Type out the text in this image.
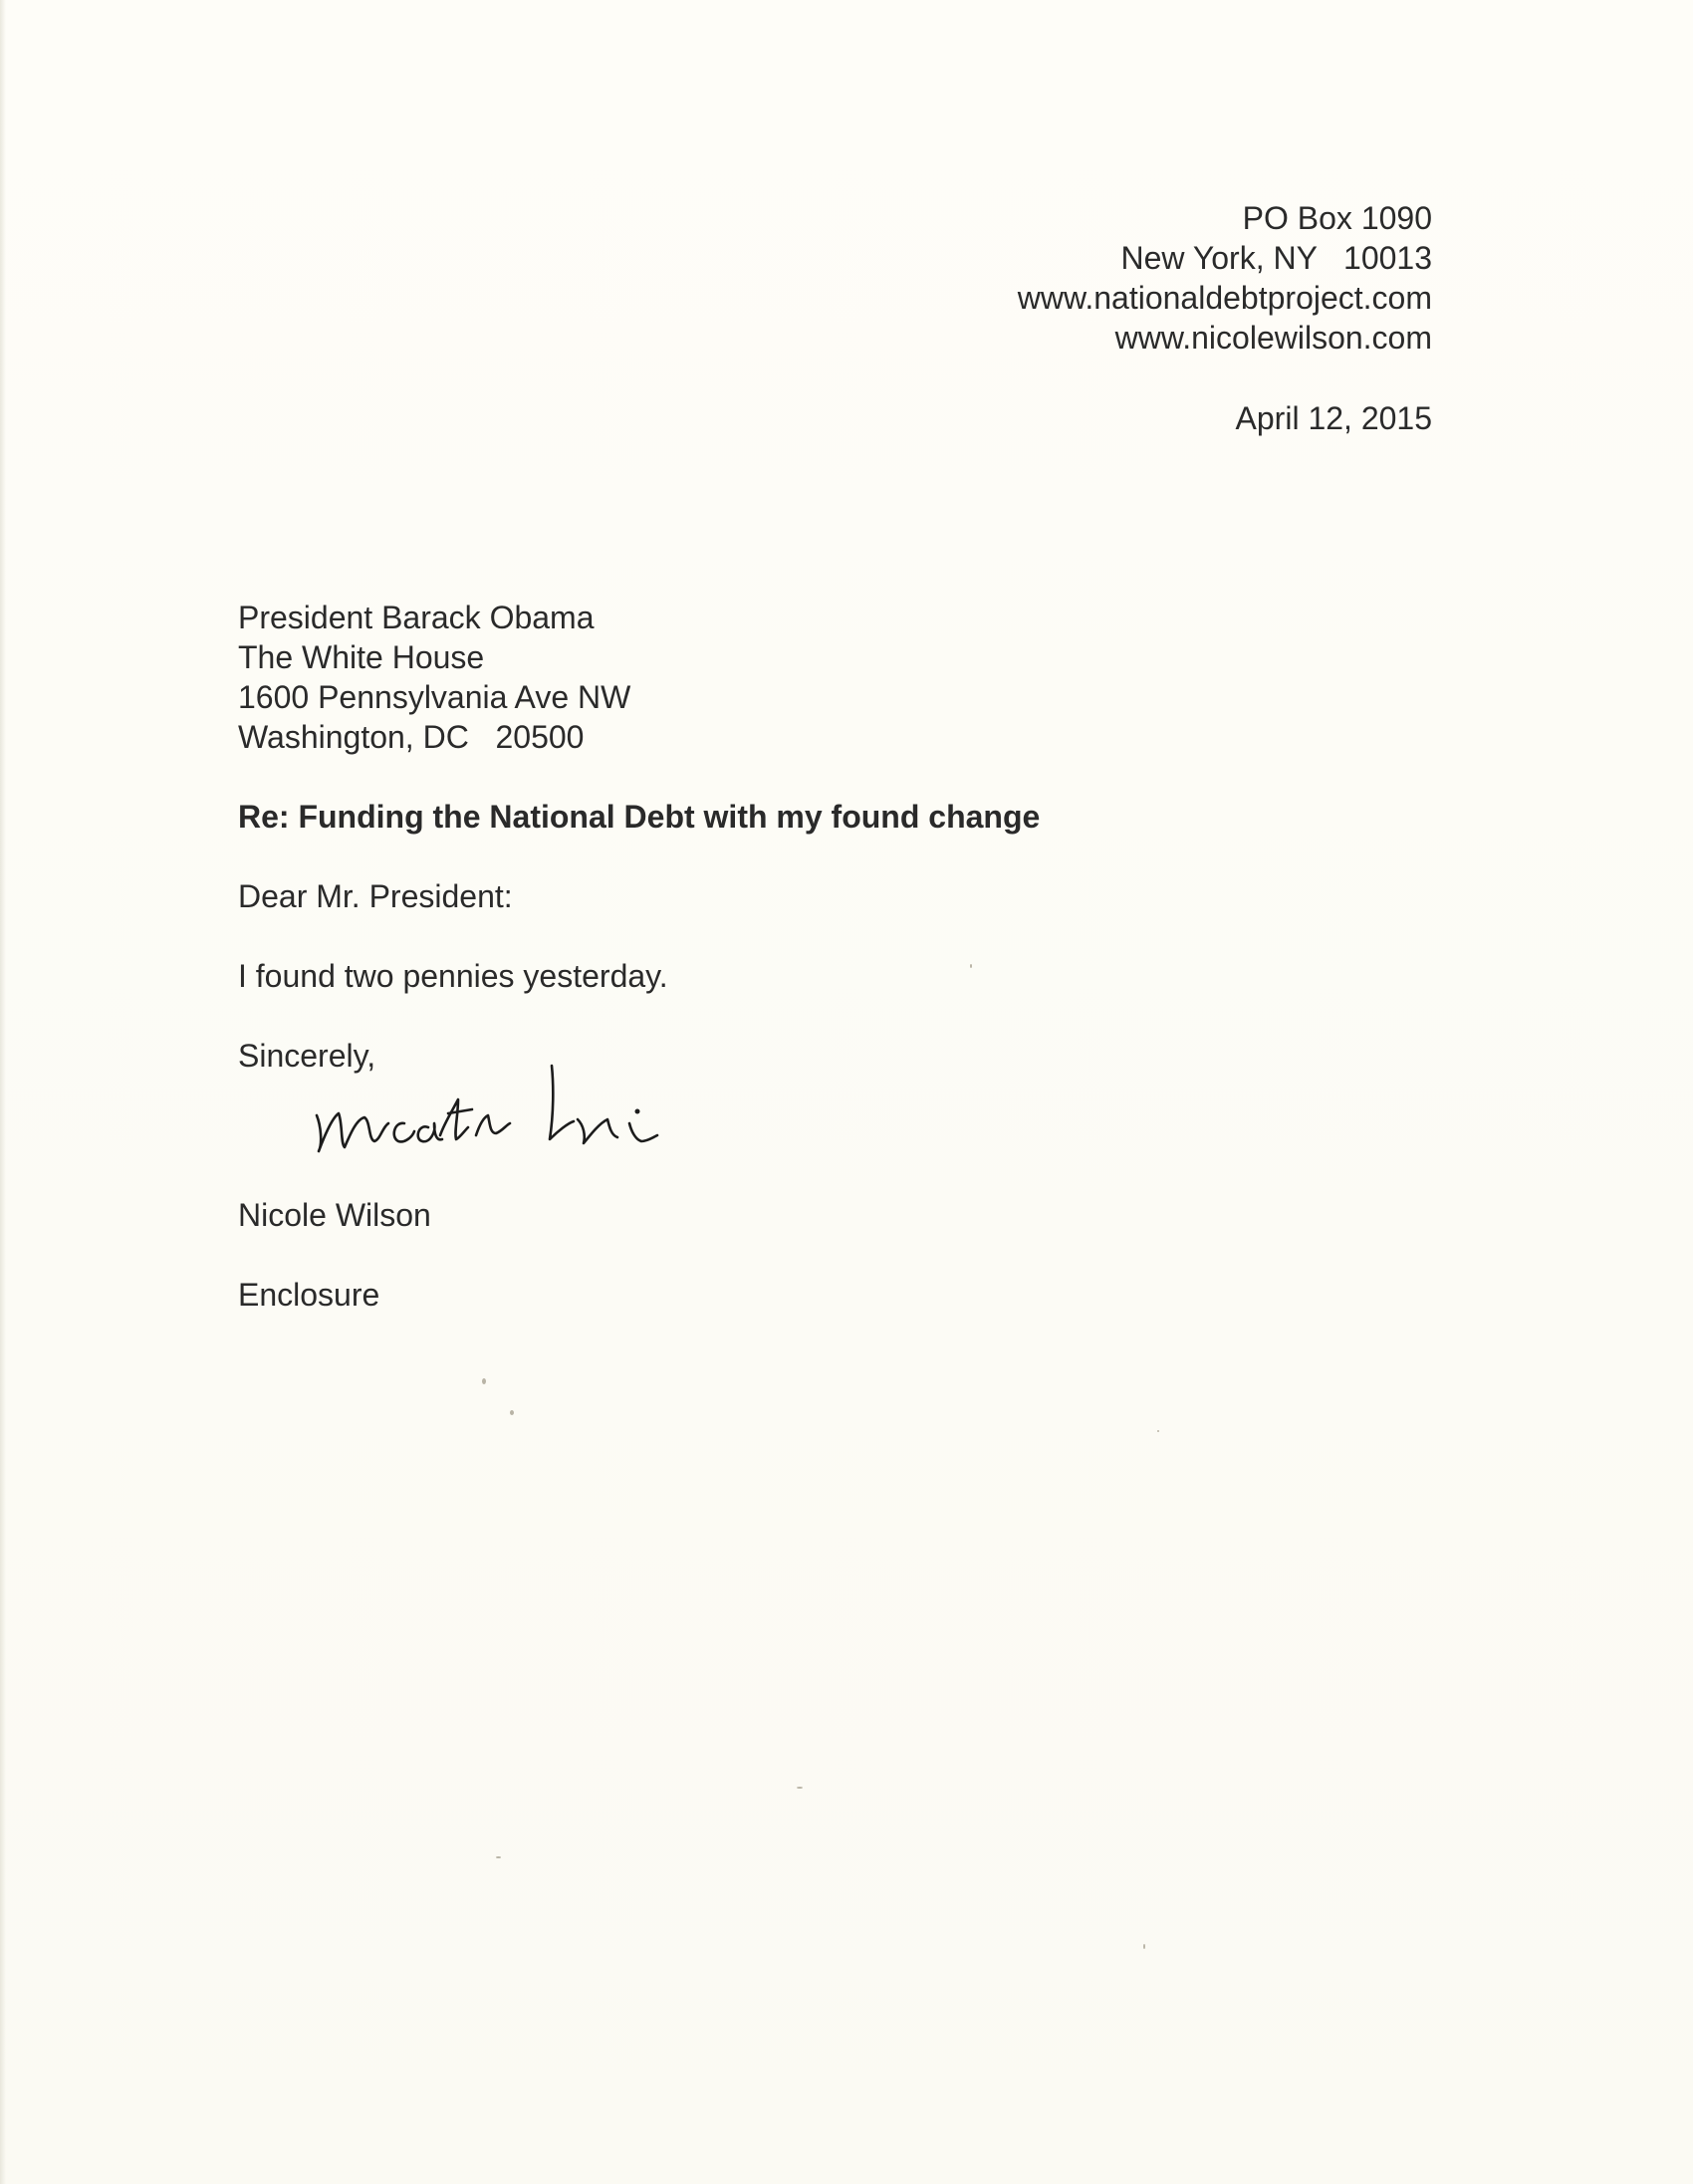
PO Box 1090
New York, NY   10013
www.nationaldebtproject.com
www.nicolewilson.com
April 12, 2015
President Barack Obama
The White House
1600 Pennsylvania Ave NW
Washington, DC   20500
Re: Funding the National Debt with my found change
Dear Mr. President:
I found two pennies yesterday.
Sincerely,
Nicole Wilson
Enclosure
